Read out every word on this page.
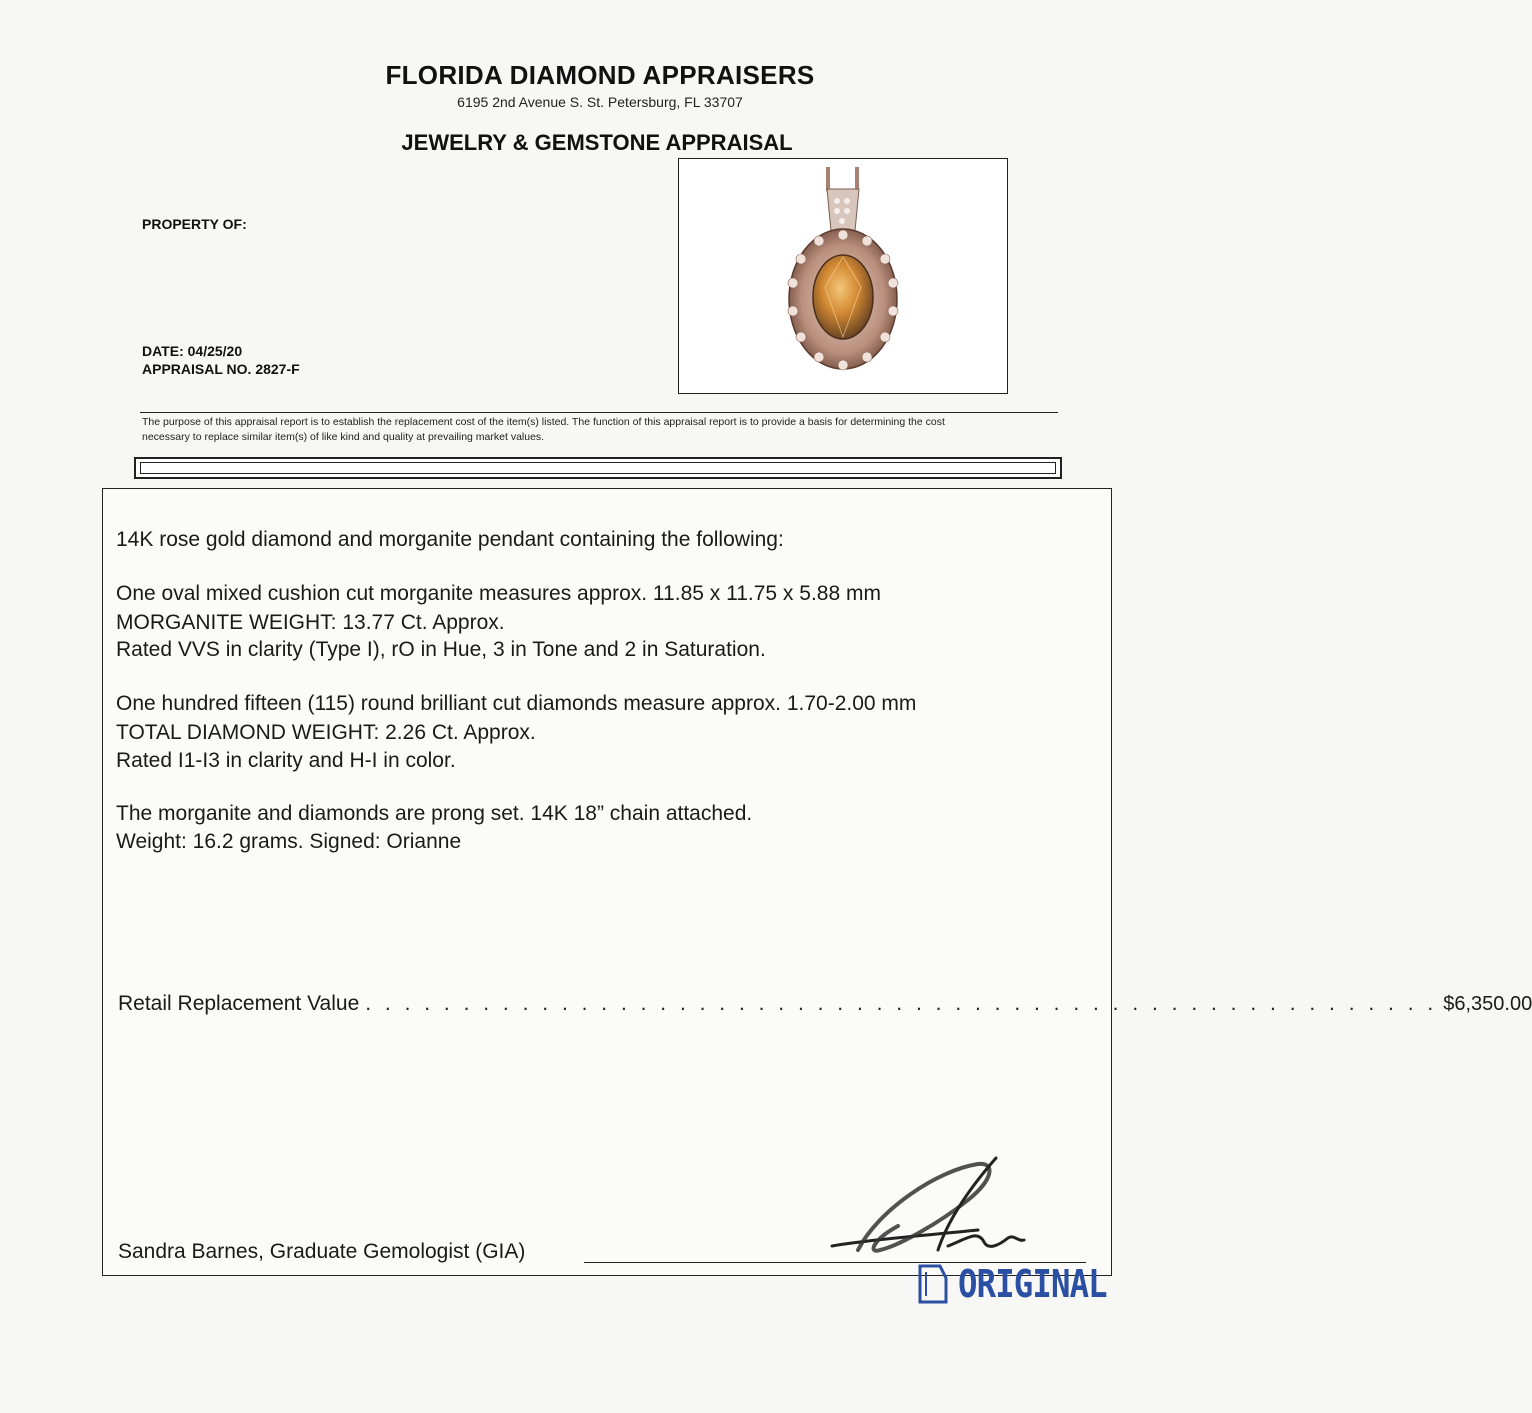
FLORIDA DIAMOND APPRAISERS
6195 2nd Avenue S. St. Petersburg, FL 33707
JEWELRY & GEMSTONE APPRAISAL
PROPERTY OF:
DATE: 04/25/20
APPRAISAL NO. 2827-F
The purpose of this appraisal report is to establish the replacement cost of the item(s) listed. The function of this appraisal report is to provide a basis for determining the cost
necessary to replace similar item(s) of like kind and quality at prevailing market values.
14K rose gold diamond and morganite pendant containing the following:
One oval mixed cushion cut morganite measures approx. 11.85 x 11.75 x 5.88 mm
MORGANITE WEIGHT: 13.77 Ct. Approx.
Rated VVS in clarity (Type I), rO in Hue, 3 in Tone and 2 in Saturation.
One hundred fifteen (115) round brilliant cut diamonds measure approx. 1.70-2.00 mm
TOTAL DIAMOND WEIGHT: 2.26 Ct. Approx.
Rated I1-I3 in clarity and H-I in color.
The morganite and diamonds are prong set. 14K 18” chain attached.
Weight: 16.2 grams. Signed: Orianne
Retail Replacement Value . . . . . . . . . . . . . . . . . . . . . . . . . . . . . . . . . . . . . . . . . . . . . . . . . . . . . . . $6,350.00
Sandra Barnes, Graduate Gemologist (GIA)
ORIGINAL
